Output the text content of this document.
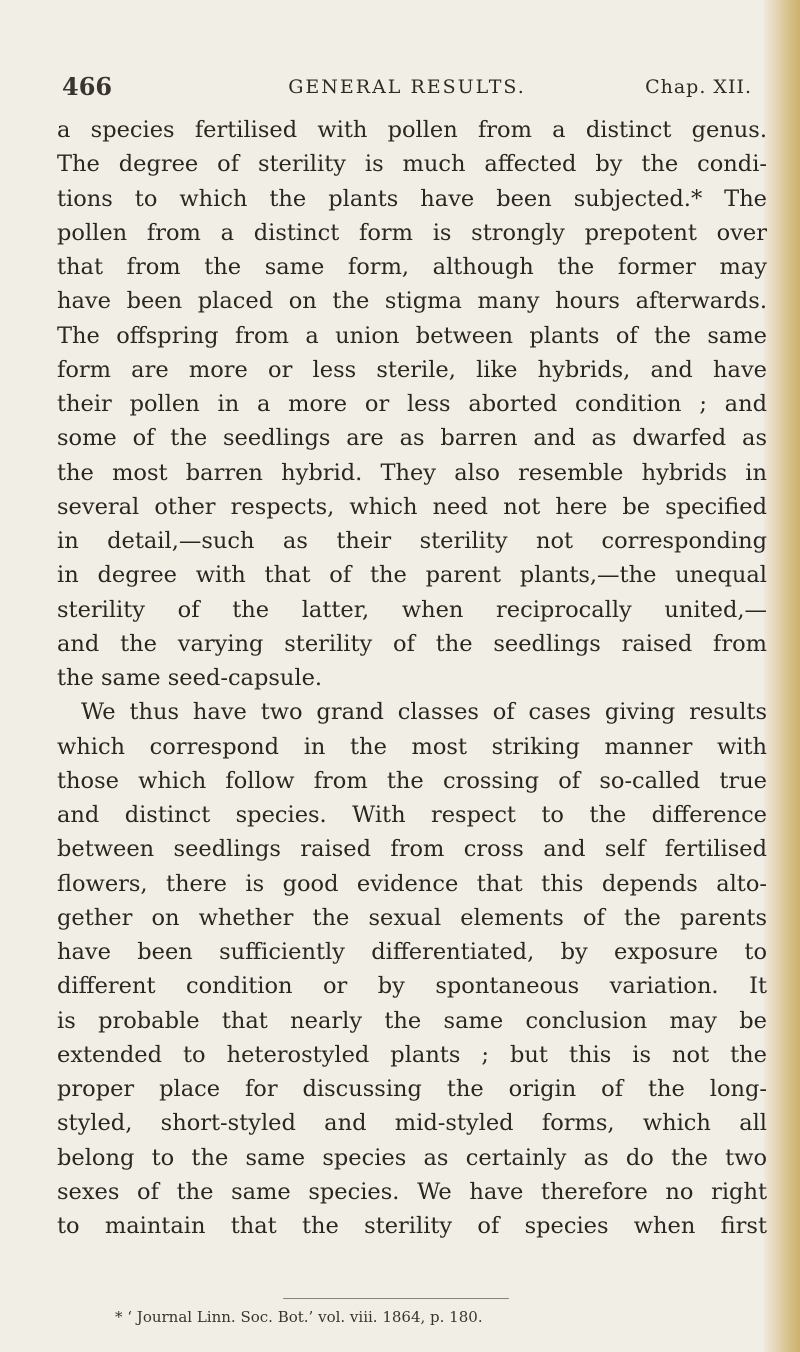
466	GENERAL RESULTS.	Chap. XII.
a species fertilised with pollen from a distinct genus.
The degree of sterility is much affected by the condi-
tions to which the plants have been subjected.* The
pollen from a distinct form is strongly prepotent over
that from the same form, although the former may
have been placed on the stigma many hours afterwards.
The offspring from a union between plants of the same
form are more or less sterile, like hybrids, and have
their pollen in a more or less aborted condition ; and
some of the seedlings are as barren and as dwarfed as
the most barren hybrid. They also resemble hybrids in
several other respects, which need not here be specified
in detail,—such as their sterility not corresponding
in degree with that of the parent plants,—the unequal
sterility of the latter, when reciprocally united,—
and the varying sterility of the seedlings raised from
the same seed-capsule.
We thus have two grand classes of cases giving results
which correspond in the most striking manner with
those which follow from the crossing of so-called true
and distinct species. With respect to the difference
between seedlings raised from cross and self fertilised
flowers, there is good evidence that this depends alto-
gether on whether the sexual elements of the parents
have been sufficiently differentiated, by exposure to
different condition or by spontaneous variation. It
is probable that nearly the same conclusion may be
extended to heterostyled plants ; but this is not the
proper place for discussing the origin of the long-
styled, short-styled and mid-styled forms, which all
belong to the same species as certainly as do the two
sexes of the same species. We have therefore no right
to maintain that the sterility of species when first
* ‘ Journal Linn. Soc. Bot.’ vol. viii. 1864, p. 180.
